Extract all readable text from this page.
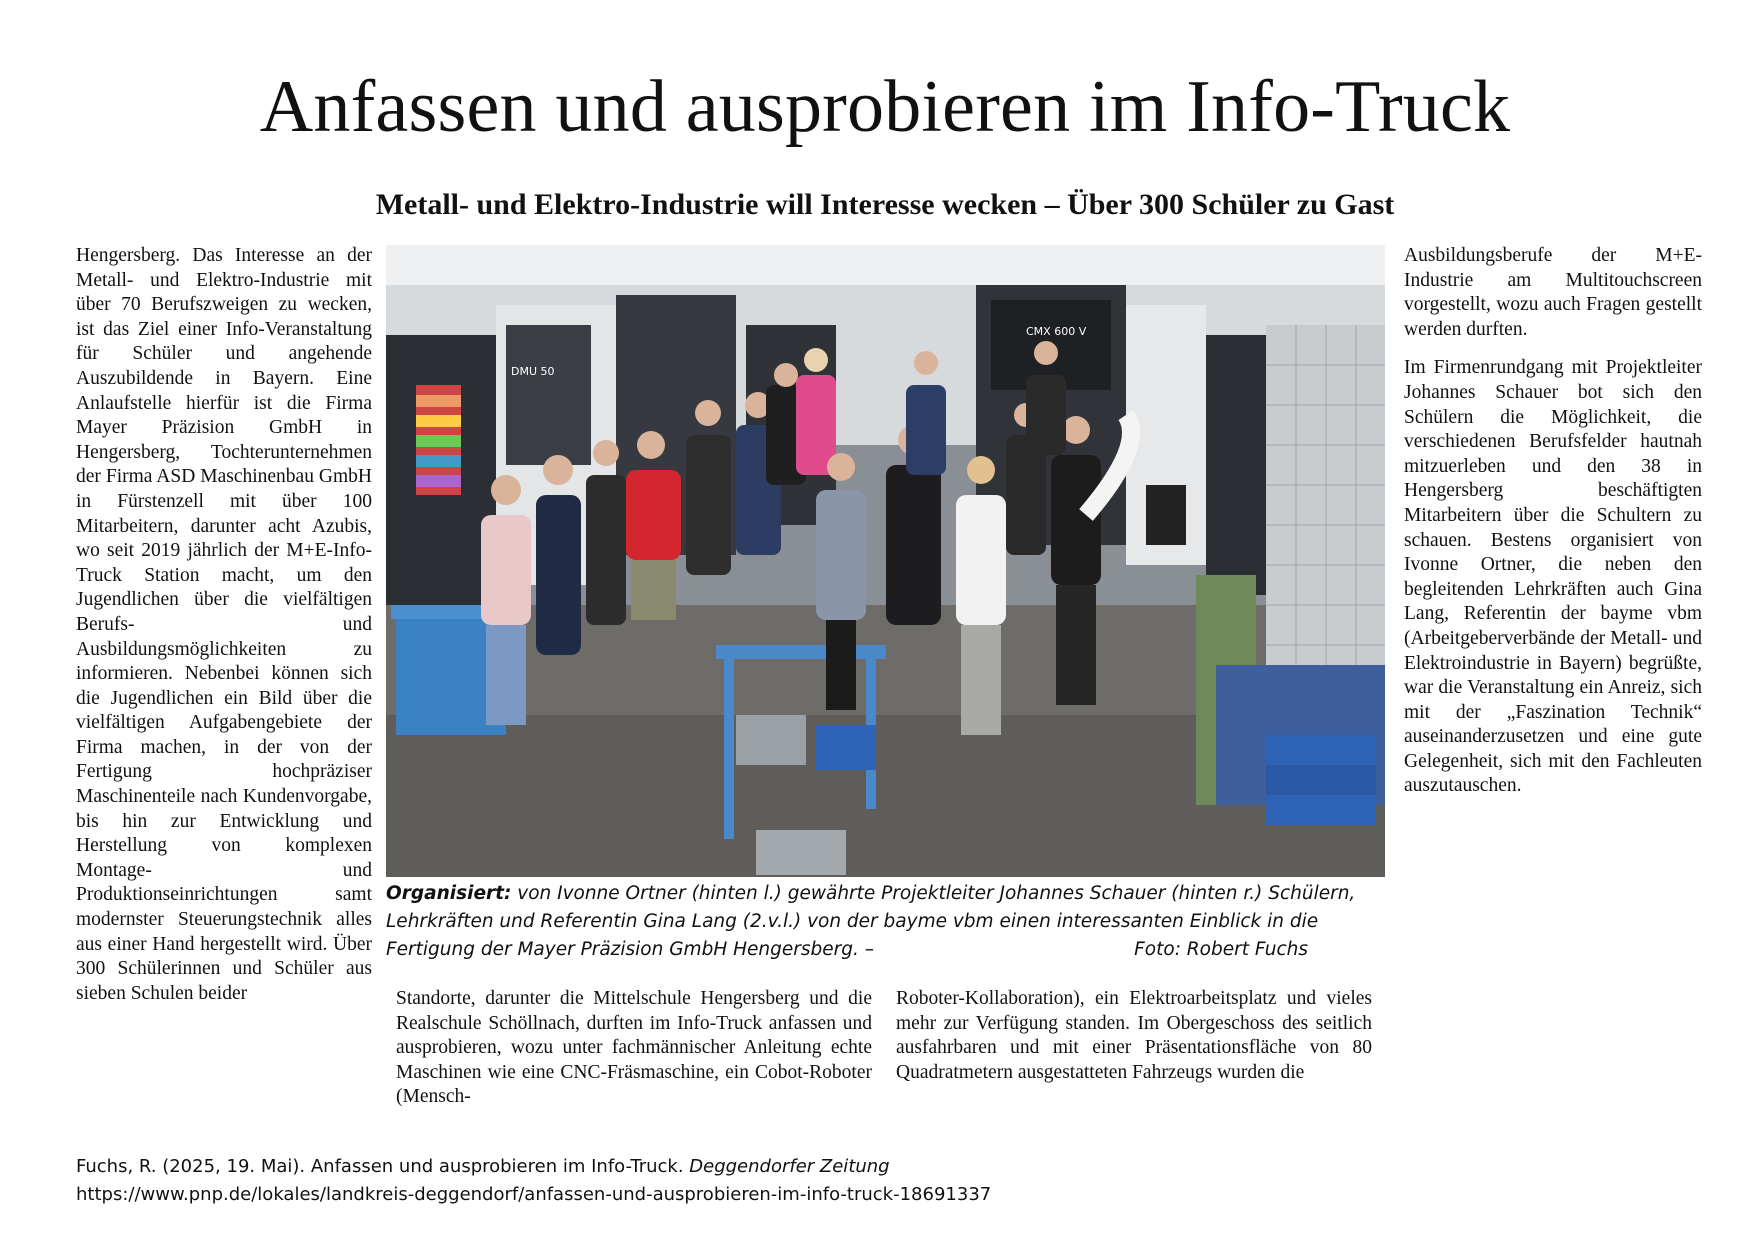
Anfassen und ausprobieren im Info-Truck
Metall- und Elektro-Industrie will Interesse wecken – Über 300 Schüler zu Gast

Hengersberg. Das Interesse an der Metall- und Elektro-Industrie mit über 70 Berufszweigen zu wecken, ist das Ziel einer Info-Veranstaltung für Schüler und angehende Auszubildende in Bayern. Eine Anlaufstelle hierfür ist die Firma Mayer Präzision GmbH in Hengersberg, Tochterunternehmen der Firma ASD Maschinenbau GmbH in Fürstenzell mit über 100 Mitarbeitern, darunter acht Azubis, wo seit 2019 jährlich der M+E-Info-Truck Station macht, um den Jugendlichen über die vielfältigen Berufs- und Ausbildungsmöglichkeiten zu informieren. Nebenbei können sich die Jugendlichen ein Bild über die vielfältigen Aufgabengebiete der Firma machen, in der von der Fertigung hochpräziser Maschinenteile nach Kundenvorgabe, bis hin zur Entwicklung und Herstellung von komplexen Montage- und Produktionseinrichtungen samt modernster Steuerungstechnik alles aus einer Hand hergestellt wird. Über 300 Schülerinnen und Schüler aus sieben Schulen beider

DMU 50
CMX 600 V
Organisiert: von Ivonne Ortner (hinten l.) gewährte Projektleiter Johannes Schauer (hinten r.) Schülern, Lehrkräften und Referentin Gina Lang (2.v.l.) von der bayme vbm einen interessanten Einblick in die Fertigung der Mayer Präzision GmbH Hengersberg. –	Foto: Robert Fuchs

Standorte, darunter die Mittelschule Hengersberg und die Realschule Schöllnach, durften im Info-Truck anfassen und ausprobieren, wozu unter fachmännischer Anleitung echte Maschinen wie eine CNC-Fräsmaschine, ein Cobot-Roboter (Mensch-

Roboter-Kollaboration), ein Elektroarbeitsplatz und vieles mehr zur Verfügung standen. Im Obergeschoss des seitlich ausfahrbaren und mit einer Präsentationsfläche von 80 Quadratmetern ausgestatteten Fahrzeugs wurden die

Ausbildungsberufe der M+E-Industrie am Multitouchscreen vorgestellt, wozu auch Fragen gestellt werden durften.

Im Firmenrundgang mit Projektleiter Johannes Schauer bot sich den Schülern die Möglichkeit, die verschiedenen Berufsfelder hautnah mitzuerleben und den 38 in Hengersberg beschäftigten Mitarbeitern über die Schultern zu schauen. Bestens organisiert von Ivonne Ortner, die neben den begleitenden Lehrkräften auch Gina Lang, Referentin der bayme vbm (Arbeitgeberverbände der Metall- und Elektroindustrie in Bayern) begrüßte, war die Veranstaltung ein Anreiz, sich mit der „Faszination Technik“ auseinanderzusetzen und eine gute Gelegenheit, sich mit den Fachleuten auszutauschen.

Fuchs, R. (2025, 19. Mai). Anfassen und ausprobieren im Info-Truck. Deggendorfer Zeitung
https://www.pnp.de/lokales/landkreis-deggendorf/anfassen-und-ausprobieren-im-info-truck-18691337
